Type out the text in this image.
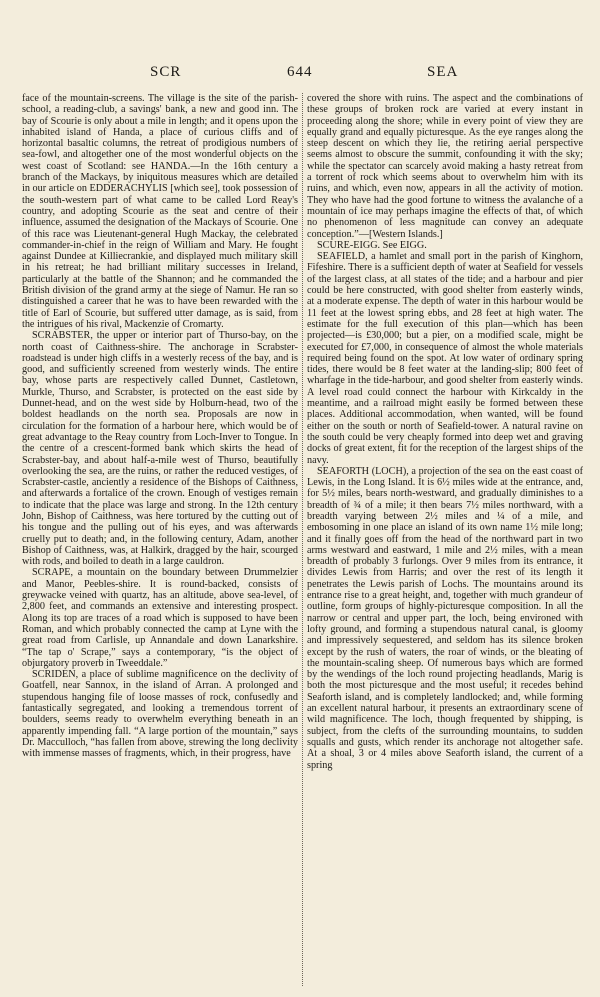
SCR	644	SEA

face of the mountain-screens. The village is the site of the parish-school, a reading-club, a savings' bank, a new and good inn. The bay of Scourie is only about a mile in length; and it opens upon the inhabited island of Handa, a place of curious cliffs and of horizontal basaltic columns, the retreat of prodigious numbers of sea-fowl, and altogether one of the most wonderful objects on the west coast of Scotland: see HANDA.—In the 16th century a branch of the Mackays, by iniquitous measures which are detailed in our article on EDDERACHYLIS [which see], took possession of the south-western part of what came to be called Lord Reay's country, and adopting Scourie as the seat and centre of their influence, assumed the designation of the Mackays of Scourie. One of this race was Lieutenant-general Hugh Mackay, the celebrated commander-in-chief in the reign of William and Mary. He fought against Dundee at Killiecrankie, and displayed much military skill in his retreat; he had brilliant military successes in Ireland, particularly at the battle of the Shannon; and he commanded the British division of the grand army at the siege of Namur. He ran so distinguished a career that he was to have been rewarded with the title of Earl of Scourie, but suffered utter damage, as is said, from the intrigues of his rival, Mackenzie of Cromarty.

SCRABSTER, the upper or interior part of Thurso-bay, on the north coast of Caithness-shire. The anchorage in Scrabster-roadstead is under high cliffs in a westerly recess of the bay, and is good, and sufficiently screened from westerly winds. The entire bay, whose parts are respectively called Dunnet, Castletown, Murkle, Thurso, and Scrabster, is protected on the east side by Dunnet-head, and on the west side by Holburn-head, two of the boldest headlands on the north sea. Proposals are now in circulation for the formation of a harbour here, which would be of great advantage to the Reay country from Loch-Inver to Tongue. In the centre of a crescent-formed bank which skirts the head of Scrabster-bay, and about half-a-mile west of Thurso, beautifully overlooking the sea, are the ruins, or rather the reduced vestiges, of Scrabster-castle, anciently a residence of the Bishops of Caithness, and afterwards a fortalice of the crown. Enough of vestiges remain to indicate that the place was large and strong. In the 12th century John, Bishop of Caithness, was here tortured by the cutting out of his tongue and the pulling out of his eyes, and was afterwards cruelly put to death; and, in the following century, Adam, another Bishop of Caithness, was, at Halkirk, dragged by the hair, scourged with rods, and boiled to death in a large cauldron.

SCRAPE, a mountain on the boundary between Drummelzier and Manor, Peebles-shire. It is round-backed, consists of greywacke veined with quartz, has an altitude, above sea-level, of 2,800 feet, and commands an extensive and interesting prospect. Along its top are traces of a road which is supposed to have been Roman, and which probably connected the camp at Lyne with the great road from Carlisle, up Annandale and down Lanarkshire. “The tap o' Scrape,” says a contemporary, “is the object of objurgatory proverb in Tweeddale.”

SCRIDEN, a place of sublime magnificence on the declivity of Goatfell, near Sannox, in the island of Arran. A prolonged and stupendous hanging file of loose masses of rock, confusedly and fantastically segregated, and looking a tremendous torrent of boulders, seems ready to overwhelm everything beneath in an apparently impending fall. “A large portion of the mountain,” says Dr. Macculloch, “has fallen from above, strewing the long declivity with immense masses of fragments, which, in their progress, have

covered the shore with ruins. The aspect and the combinations of these groups of broken rock are varied at every instant in proceeding along the shore; while in every point of view they are equally grand and equally picturesque. As the eye ranges along the steep descent on which they lie, the retiring aerial perspective seems almost to obscure the summit, confounding it with the sky; while the spectator can scarcely avoid making a hasty retreat from a torrent of rock which seems about to overwhelm him with its ruins, and which, even now, appears in all the activity of motion. They who have had the good fortune to witness the avalanche of a mountain of ice may perhaps imagine the effects of that, of which no phenomenon of less magnitude can convey an adequate conception.”—[Western Islands.]

SCURE-EIGG. See EIGG.

SEAFIELD, a hamlet and small port in the parish of Kinghorn, Fifeshire. There is a sufficient depth of water at Seafield for vessels of the largest class, at all states of the tide; and a harbour and pier could be here constructed, with good shelter from easterly winds, at a moderate expense. The depth of water in this harbour would be 11 feet at the lowest spring ebbs, and 28 feet at high water. The estimate for the full execution of this plan—which has been projected—is £30,000; but a pier, on a modified scale, might be executed for £7,000, in consequence of almost the whole materials required being found on the spot. At low water of ordinary spring tides, there would be 8 feet water at the landing-slip; 800 feet of wharfage in the tide-harbour, and good shelter from easterly winds. A level road could connect the harbour with Kirkcaldy in the meantime, and a railroad might easily be formed between these places. Additional accommodation, when wanted, will be found either on the south or north of Seafield-tower. A natural ravine on the south could be very cheaply formed into deep wet and graving docks of great extent, fit for the reception of the largest ships of the navy.

SEAFORTH (LOCH), a projection of the sea on the east coast of Lewis, in the Long Island. It is 6½ miles wide at the entrance, and, for 5½ miles, bears north-westward, and gradually diminishes to a breadth of ¾ of a mile; it then bears 7½ miles northward, with a breadth varying between 2½ miles and ¼ of a mile, and embosoming in one place an island of its own name 1½ mile long; and it finally goes off from the head of the northward part in two arms westward and eastward, 1 mile and 2½ miles, with a mean breadth of probably 3 furlongs. Over 9 miles from its entrance, it divides Lewis from Harris; and over the rest of its length it penetrates the Lewis parish of Lochs. The mountains around its entrance rise to a great height, and, together with much grandeur of outline, form groups of highly-picturesque composition. In all the narrow or central and upper part, the loch, being environed with lofty ground, and forming a stupendous natural canal, is gloomy and impressively sequestered, and seldom has its silence broken except by the rush of waters, the roar of winds, or the bleating of the mountain-scaling sheep. Of numerous bays which are formed by the wendings of the loch round projecting headlands, Marig is both the most picturesque and the most useful; it recedes behind Seaforth island, and is completely landlocked; and, while forming an excellent natural harbour, it presents an extraordinary scene of wild magnificence. The loch, though frequented by shipping, is subject, from the clefts of the surrounding mountains, to sudden squalls and gusts, which render its anchorage not altogether safe. At a shoal, 3 or 4 miles above Seaforth island, the current of a spring
